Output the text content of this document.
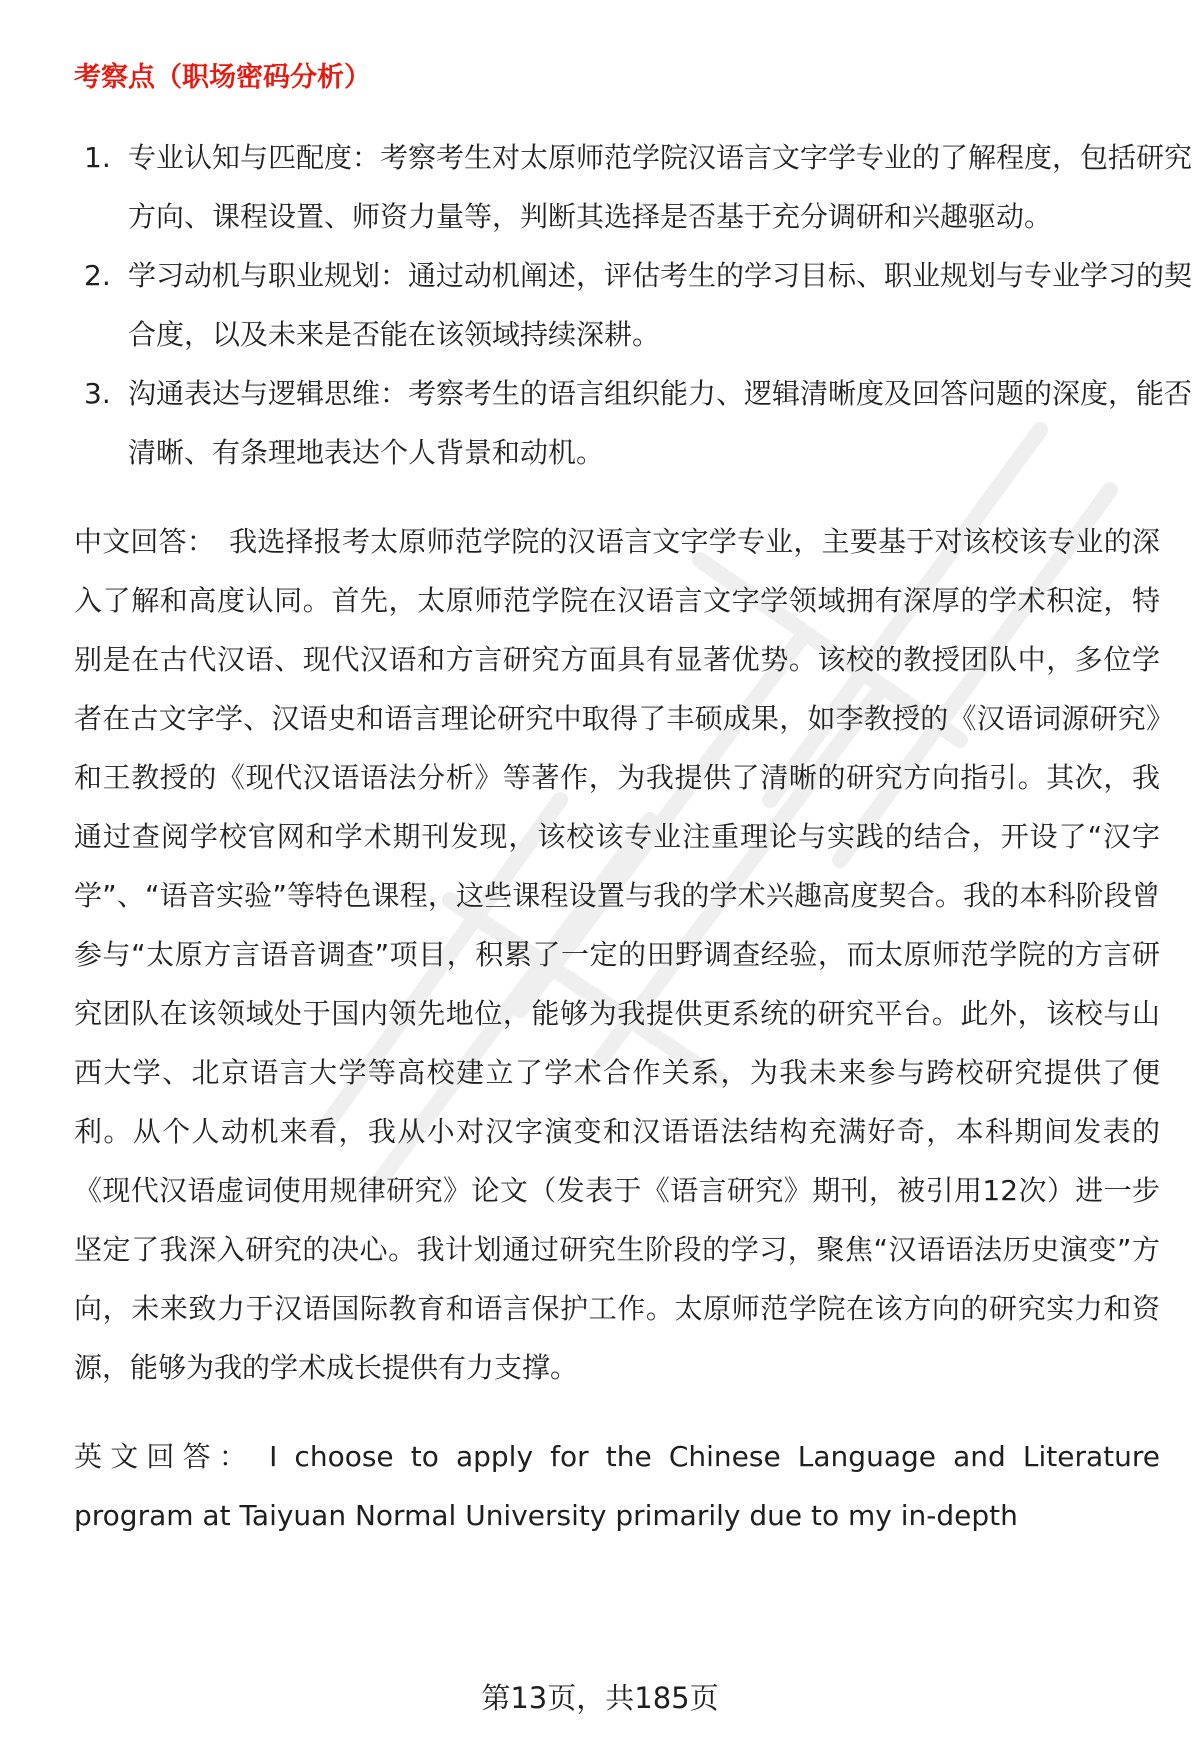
考察点（职场密码分析）
1. 专业认知与匹配度：考察考生对太原师范学院汉语言文字学专业的了解程度，包括研究方向、课程设置、师资力量等，判断其选择是否基于充分调研和兴趣驱动。
2. 学习动机与职业规划：通过动机阐述，评估考生的学习目标、职业规划与专业学习的契合度，以及未来是否能在该领域持续深耕。
3. 沟通表达与逻辑思维：考察考生的语言组织能力、逻辑清晰度及回答问题的深度，能否清晰、有条理地表达个人背景和动机。

中文回答： 我选择报考太原师范学院的汉语言文字学专业，主要基于对该校该专业的深入了解和高度认同。首先，太原师范学院在汉语言文字学领域拥有深厚的学术积淀，特别是在古代汉语、现代汉语和方言研究方面具有显著优势。该校的教授团队中，多位学者在古文字学、汉语史和语言理论研究中取得了丰硕成果，如李教授的《汉语词源研究》和王教授的《现代汉语语法分析》等著作，为我提供了清晰的研究方向指引。其次，我通过查阅学校官网和学术期刊发现，该校该专业注重理论与实践的结合，开设了“汉字学”、“语音实验”等特色课程，这些课程设置与我的学术兴趣高度契合。我的本科阶段曾参与“太原方言语音调查”项目，积累了一定的田野调查经验，而太原师范学院的方言研究团队在该领域处于国内领先地位，能够为我提供更系统的研究平台。此外，该校与山西大学、北京语言大学等高校建立了学术合作关系，为我未来参与跨校研究提供了便利。从个人动机来看，我从小对汉字演变和汉语语法结构充满好奇，本科期间发表的《现代汉语虚词使用规律研究》论文（发表于《语言研究》期刊，被引用12次）进一步坚定了我深入研究的决心。我计划通过研究生阶段的学习，聚焦“汉语语法历史演变”方向，未来致力于汉语国际教育和语言保护工作。太原师范学院在该方向的研究实力和资源，能够为我的学术成长提供有力支撑。

英文回答： I choose to apply for the Chinese Language and Literature program at Taiyuan Normal University primarily due to my in-depth

第13页，共185页
